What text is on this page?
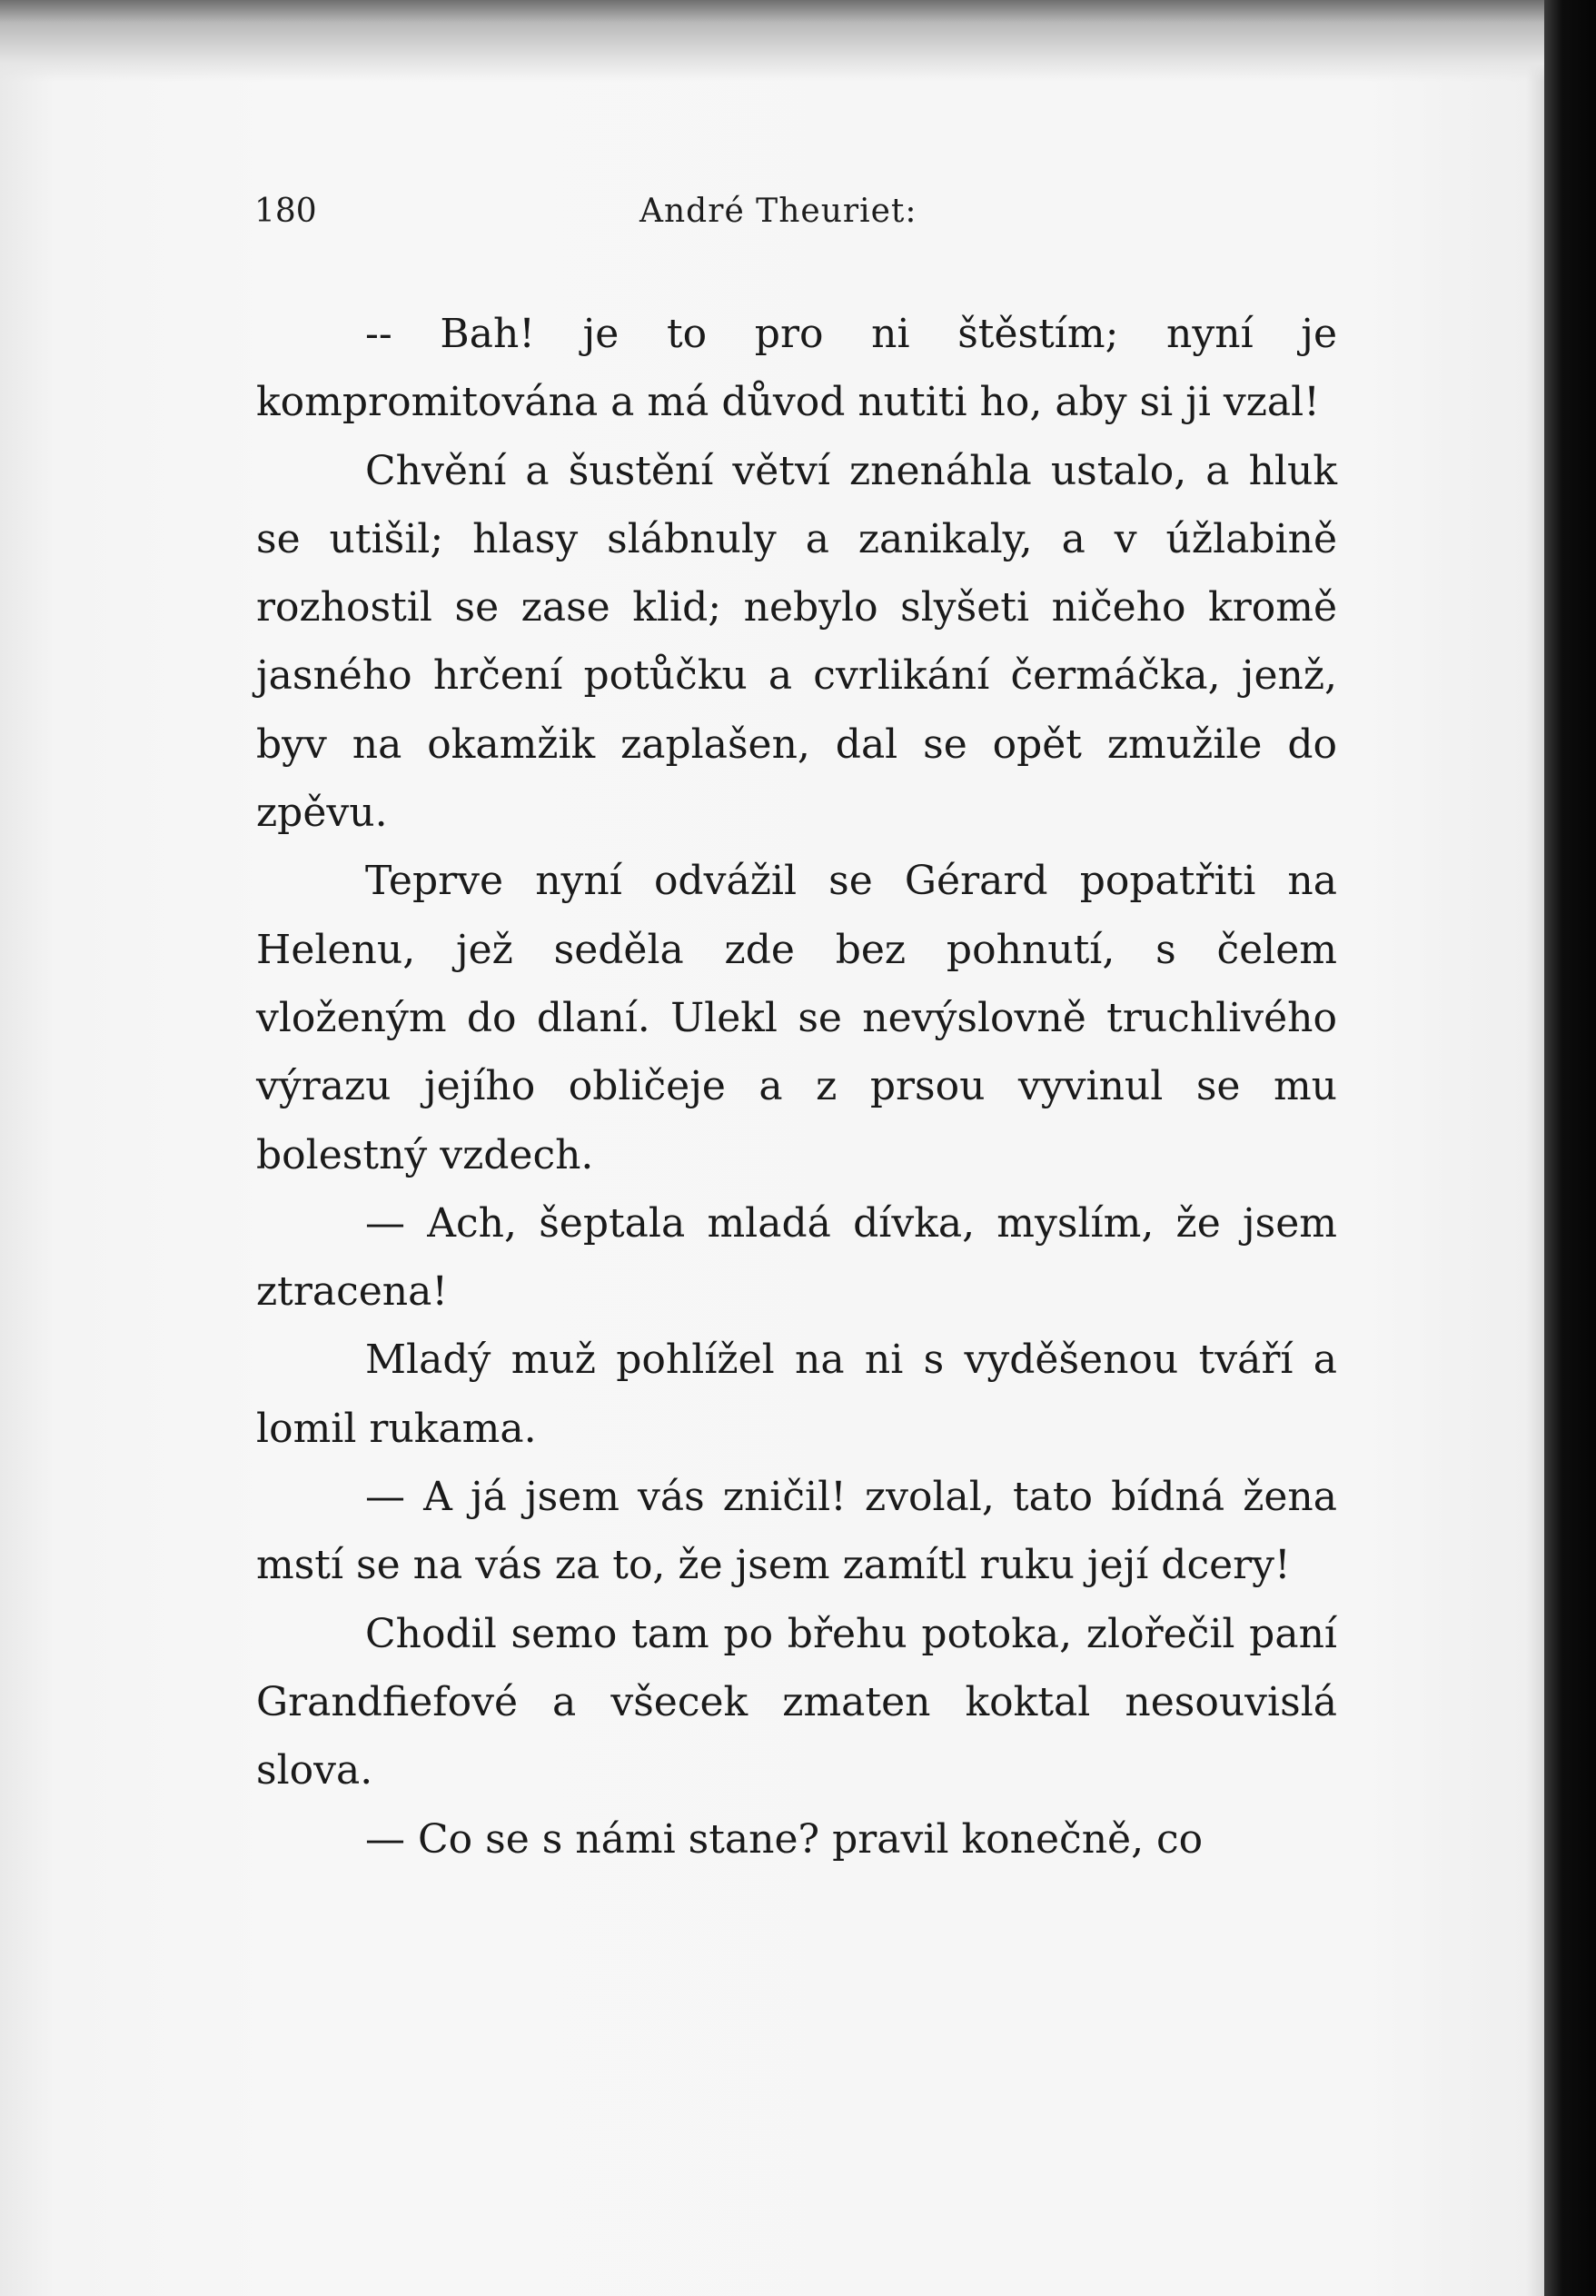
180	André Theuriet:

-- Bah! je to pro ni štěstím; nyní je kompromitována a má důvod nutiti ho, aby si ji vzal!

Chvění a šustění větví znenáhla ustalo, a hluk se utišil; hlasy slábnuly a zanikaly, a v úžlabině rozhostil se zase klid; nebylo slyšeti ničeho kromě jasného hrčení potůčku a cvrlikání čermáčka, jenž, byv na okamžik zaplašen, dal se opět zmužile do zpěvu.

Teprve nyní odvážil se Gérard popatřiti na Helenu, jež seděla zde bez pohnutí, s čelem vloženým do dlaní. Ulekl se nevýslovně truchlivého výrazu jejího obličeje a z prsou vyvinul se mu bolestný vzdech.

— Ach, šeptala mladá dívka, myslím, že jsem ztracena!

Mladý muž pohlížel na ni s vyděšenou tváří a lomil rukama.

— A já jsem vás zničil! zvolal, tato bídná žena mstí se na vás za to, že jsem zamítl ruku její dcery!

Chodil semo tam po břehu potoka, zlořečil paní Grandfiefové a všecek zmaten koktal nesouvislá slova.

— Co se s námi stane? pravil konečně, co
